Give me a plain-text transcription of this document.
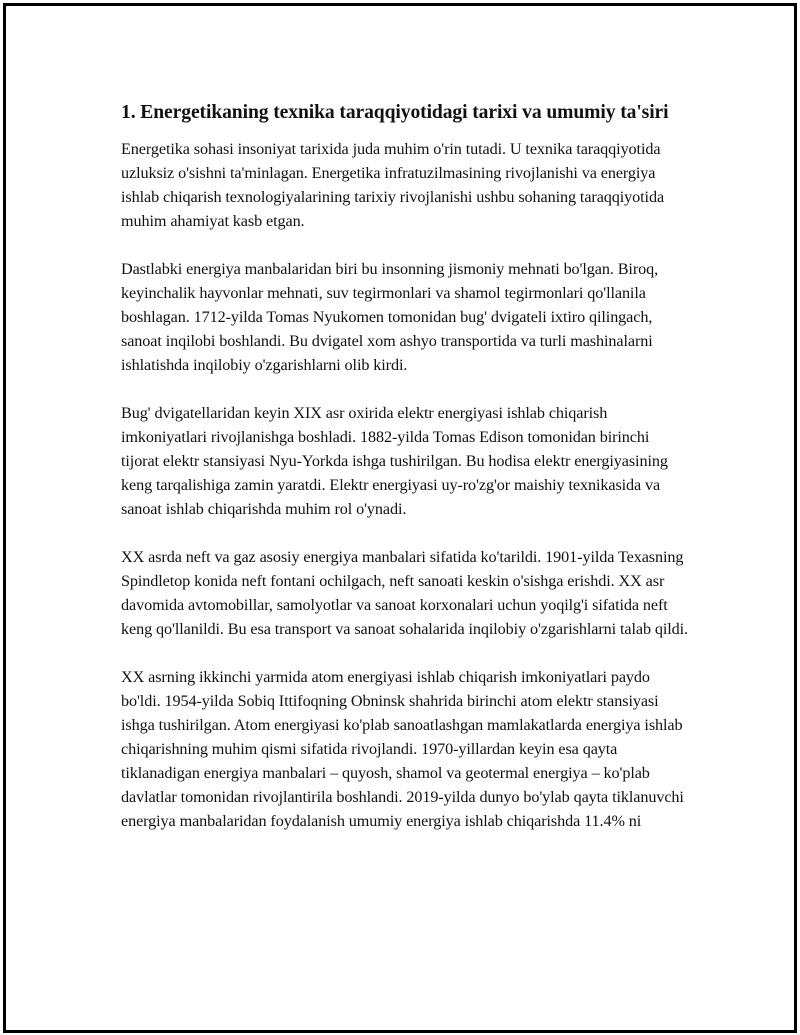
1. Energetikaning texnika taraqqiyotidagi tarixi va umumiy ta'siri

Energetika sohasi insoniyat tarixida juda muhim o'rin tutadi. U texnika taraqqiyotida uzluksiz o'sishni ta'minlagan. Energetika infratuzilmasining rivojlanishi va energiya ishlab chiqarish texnologiyalarining tarixiy rivojlanishi ushbu sohaning taraqqiyotida muhim ahamiyat kasb etgan.

Dastlabki energiya manbalaridan biri bu insonning jismoniy mehnati bo'lgan. Biroq, keyinchalik hayvonlar mehnati, suv tegirmonlari va shamol tegirmonlari qo'llanila boshlagan. 1712-yilda Tomas Nyukomen tomonidan bug' dvigateli ixtiro qilingach, sanoat inqilobi boshlandi. Bu dvigatel xom ashyo transportida va turli mashinalarni ishlatishda inqilobiy o'zgarishlarni olib kirdi.

Bug' dvigatellaridan keyin XIX asr oxirida elektr energiyasi ishlab chiqarish imkoniyatlari rivojlanishga boshladi. 1882-yilda Tomas Edison tomonidan birinchi tijorat elektr stansiyasi Nyu-Yorkda ishga tushirilgan. Bu hodisa elektr energiyasining keng tarqalishiga zamin yaratdi. Elektr energiyasi uy-ro'zg'or maishiy texnikasida va sanoat ishlab chiqarishda muhim rol o'ynadi.

XX asrda neft va gaz asosiy energiya manbalari sifatida ko'tarildi. 1901-yilda Texasning Spindletop konida neft fontani ochilgach, neft sanoati keskin o'sishga erishdi. XX asr davomida avtomobillar, samolyotlar va sanoat korxonalari uchun yoqilg'i sifatida neft keng qo'llanildi. Bu esa transport va sanoat sohalarida inqilobiy o'zgarishlarni talab qildi.

XX asrning ikkinchi yarmida atom energiyasi ishlab chiqarish imkoniyatlari paydo bo'ldi. 1954-yilda Sobiq Ittifoqning Obninsk shahrida birinchi atom elektr stansiyasi ishga tushirilgan. Atom energiyasi ko'plab sanoatlashgan mamlakatlarda energiya ishlab chiqarishning muhim qismi sifatida rivojlandi. 1970-yillardan keyin esa qayta tiklanadigan energiya manbalari – quyosh, shamol va geotermal energiya – ko'plab davlatlar tomonidan rivojlantirila boshlandi. 2019-yilda dunyo bo'ylab qayta tiklanuvchi energiya manbalaridan foydalanish umumiy energiya ishlab chiqarishda 11.4% ni
